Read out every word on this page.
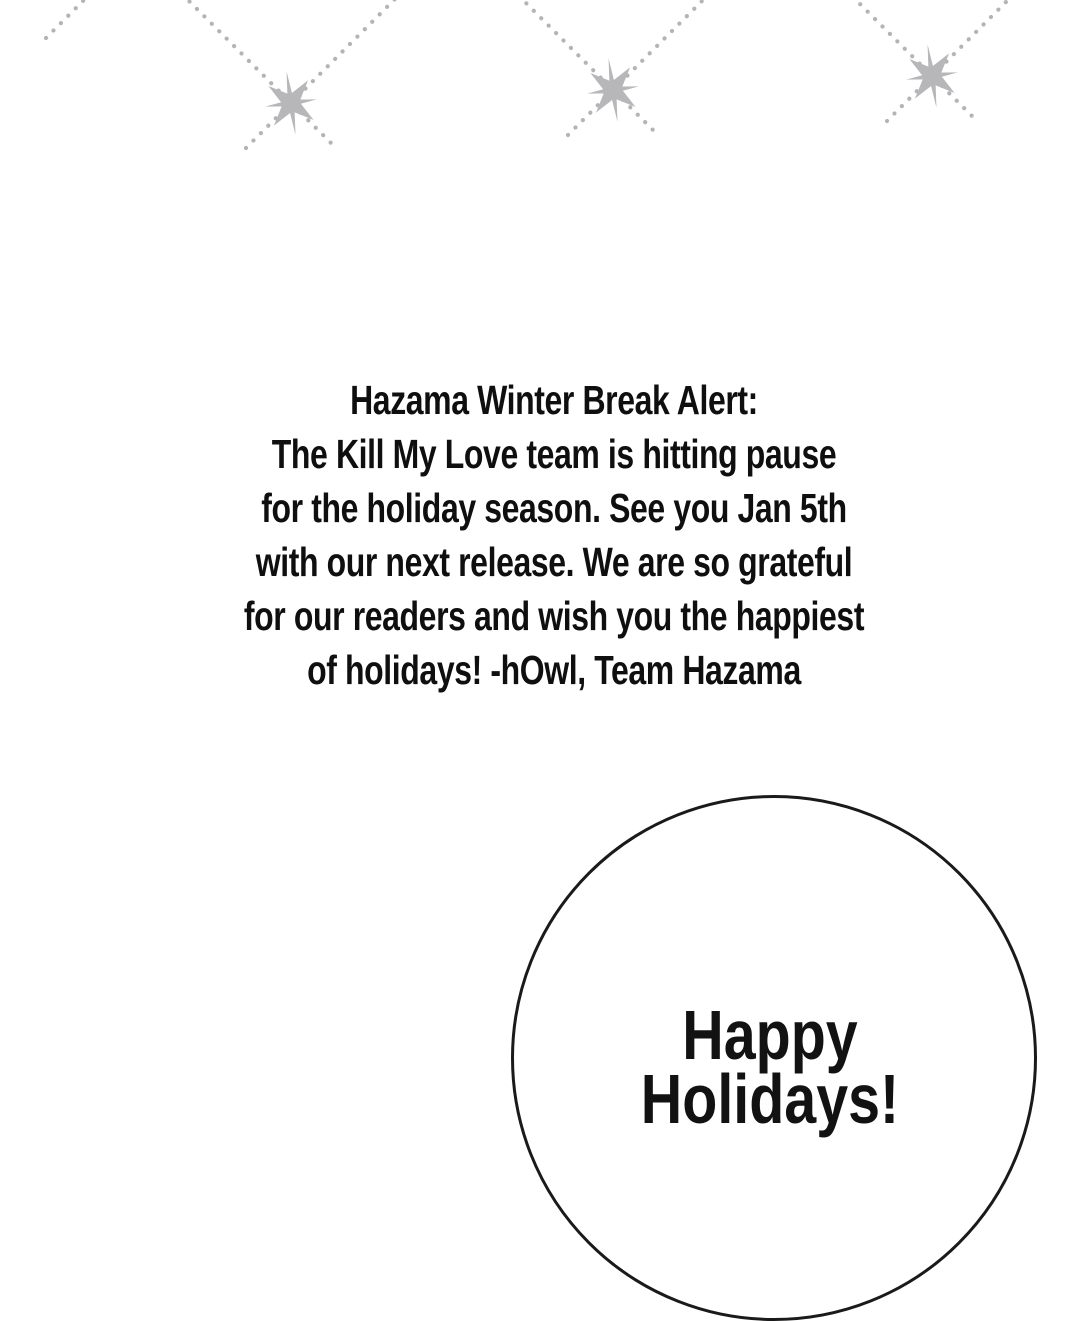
Hazama Winter Break Alert:
The Kill My Love team is hitting pause
for the holiday season. See you Jan 5th
with our next release. We are so grateful
for our readers and wish you the happiest
of holidays! -hOwl, Team Hazama
Happy
Holidays!
